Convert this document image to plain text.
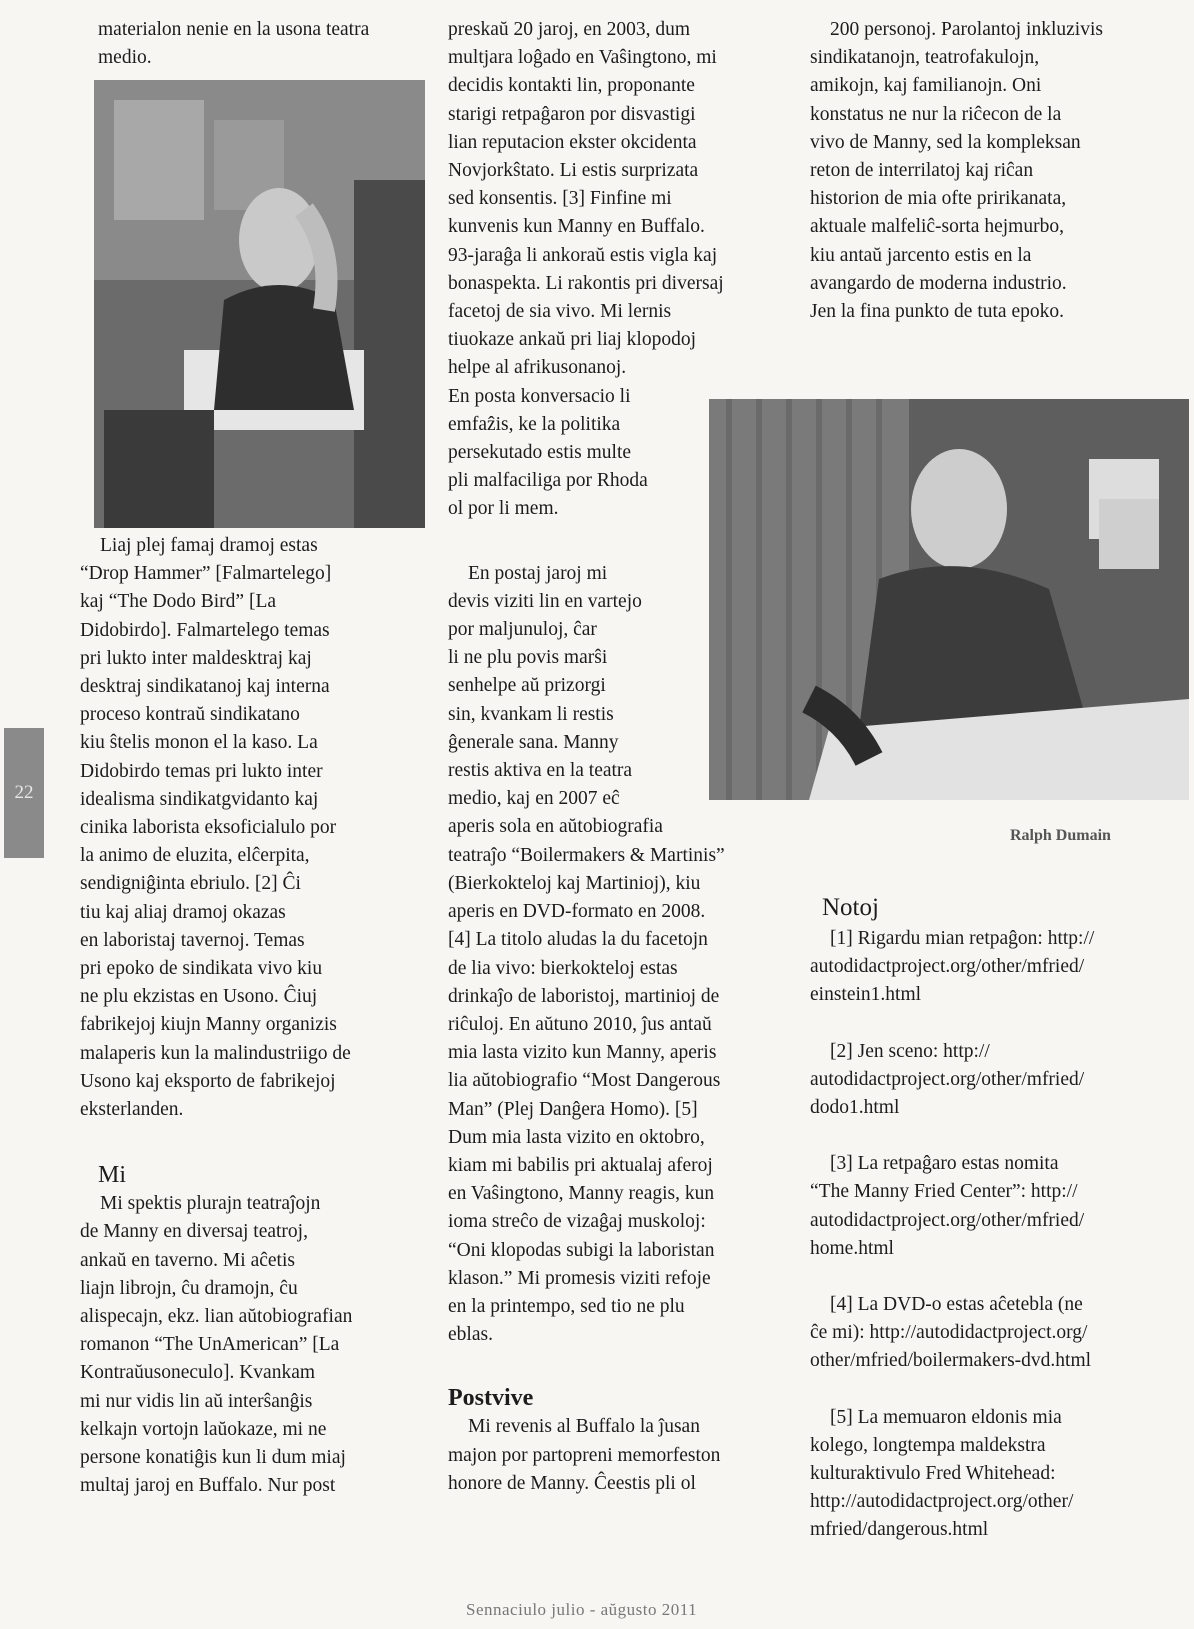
materialon nenie en la usona teatra
medio.
Liaj plej famaj dramoj estas
“Drop Hammer” [Falmartelego]
kaj “The Dodo Bird” [La
Didobirdo]. Falmartelego temas
pri lukto inter maldesktraj kaj
desktraj sindikatanoj kaj interna
proceso kontraŭ sindikatano
kiu ŝtelis monon el la kaso. La
Didobirdo temas pri lukto inter
idealisma sindikatgvidanto kaj
cinika laborista eksoficialulo por
la animo de eluzita, elĉerpita,
sendigniĝinta ebriulo. [2] Ĉi
tiu kaj aliaj dramoj okazas
en laboristaj tavernoj. Temas
pri epoko de sindikata vivo kiu
ne plu ekzistas en Usono. Ĉiuj
fabrikejoj kiujn Manny organizis
malaperis kun la malindustriigo de
Usono kaj eksporto de fabrikejoj
eksterlanden.
Mi
Mi spektis plurajn teatraĵojn
de Manny en diversaj teatroj,
ankaŭ en taverno. Mi aĉetis
liajn librojn, ĉu dramojn, ĉu
alispecajn, ekz. lian aŭtobiografian
romanon “The UnAmerican” [La
Kontraŭusoneculo]. Kvankam
mi nur vidis lin aŭ interŝanĝis
kelkajn vortojn laŭokaze, mi ne
persone konatiĝis kun li dum miaj
multaj jaroj en Buffalo. Nur post
preskaŭ 20 jaroj, en 2003, dum
multjara loĝado en Vaŝingtono, mi
decidis kontakti lin, proponante
starigi retpaĝaron por disvastigi
lian reputacion ekster okcidenta
Novjorkŝtato. Li estis surprizata
sed konsentis. [3] Finfine mi
kunvenis kun Manny en Buffalo.
93-jaraĝa li ankoraŭ estis vigla kaj
bonaspekta. Li rakontis pri diversaj
facetoj de sia vivo. Mi lernis
tiuokaze ankaŭ pri liaj klopodoj
helpe al afrikusonanoj.
En posta konversacio li
emfaẑis, ke la politika
persekutado estis multe
pli malfaciliga por Rhoda
ol por li mem.
En postaj jaroj mi
devis viziti lin en vartejo
por maljunuloj, ĉar
li ne plu povis marŝi
senhelpe aŭ prizorgi
sin, kvankam li restis
ĝenerale sana. Manny
restis aktiva en la teatra
medio, kaj en 2007 eĉ
aperis sola en aŭtobiografia
teatraĵo “Boilermakers & Martinis”
(Bierkokteloj kaj Martinioj), kiu
aperis en DVD-formato en 2008.
[4] La titolo aludas la du facetojn
de lia vivo: bierkokteloj estas
drinkaĵo de laboristoj, martinioj de
riĉuloj. En aŭtuno 2010, ĵus antaŭ
mia lasta vizito kun Manny, aperis
lia aŭtobiografio “Most Dangerous
Man” (Plej Danĝera Homo). [5]
Dum mia lasta vizito en oktobro,
kiam mi babilis pri aktualaj aferoj
en Vaŝingtono, Manny reagis, kun
ioma streĉo de vizaĝaj muskoloj:
“Oni klopodas subigi la laboristan
klason.” Mi promesis viziti refoje
en la printempo, sed tio ne plu
eblas.
Postvive
Mi revenis al Buffalo la ĵusan
majon por partopreni memorfeston
honore de Manny. Ĉeestis pli ol
200 personoj. Parolantoj inkluzivis
sindikatanojn, teatrofakulojn,
amikojn, kaj familianojn. Oni
konstatus ne nur la riĉecon de la
vivo de Manny, sed la kompleksan
reton de interrilatoj kaj riĉan
historion de mia ofte pririkanata,
aktuale malfeliĉ-sorta hejmurbo,
kiu antaŭ jarcento estis en la
avangardo de moderna industrio.
Jen la fina punkto de tuta epoko.
Ralph Dumain
Notoj
[1] Rigardu mian retpaĝon: http://
autodidactproject.org/other/mfried/
einstein1.html
[2] Jen sceno: http://
autodidactproject.org/other/mfried/
dodo1.html
[3] La retpaĝaro estas nomita
“The Manny Fried Center”: http://
autodidactproject.org/other/mfried/
home.html
[4] La DVD-o estas aĉetebla (ne
ĉe mi): http://autodidactproject.org/
other/mfried/boilermakers-dvd.html
[5] La memuaron eldonis mia
kolego, longtempa maldekstra
kulturaktivulo Fred Whitehead:
http://autodidactproject.org/other/
mfried/dangerous.html
22
Sennaciulo julio - aŭgusto 2011
